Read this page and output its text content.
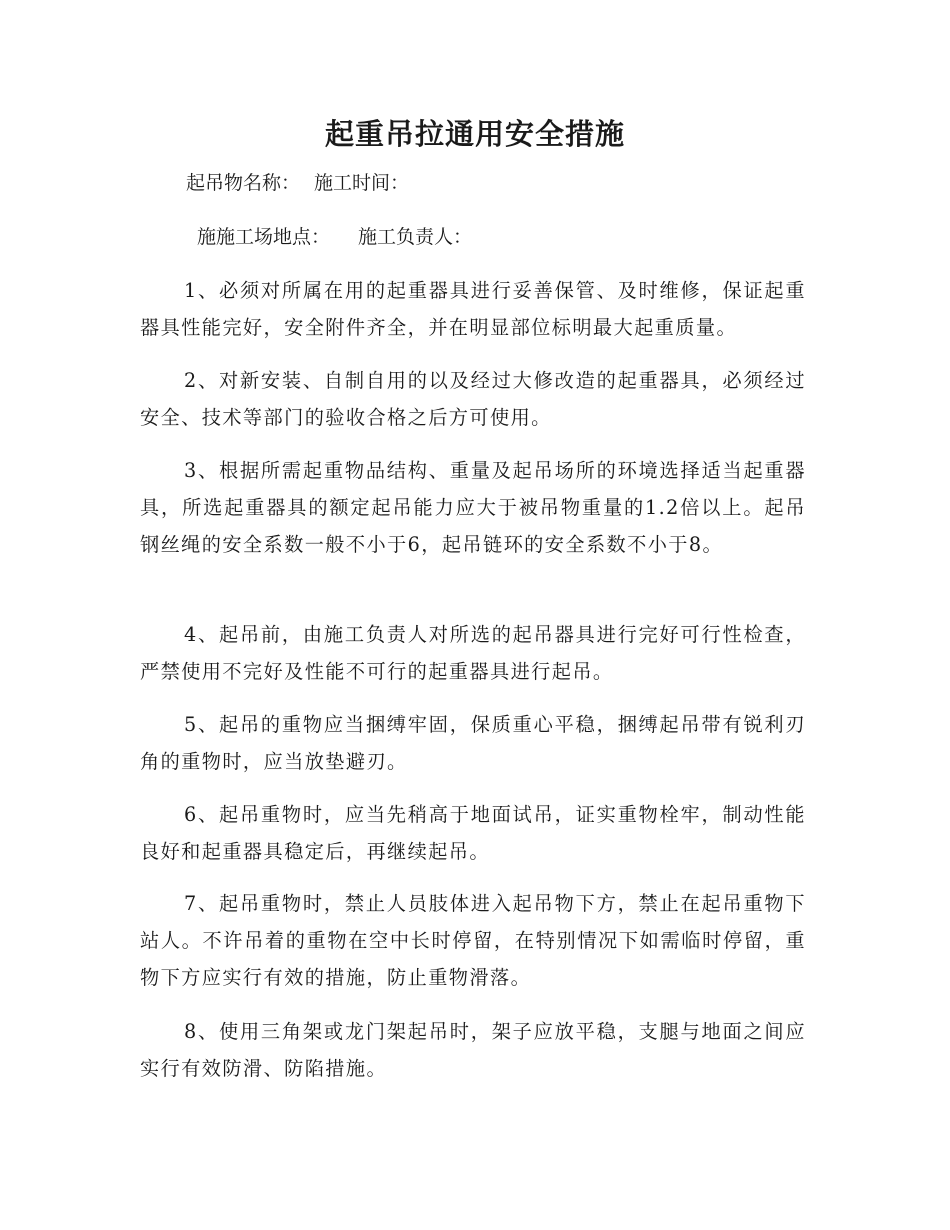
起重吊拉通用安全措施
起吊物名称： 施工时间：
施施工场地点： 施工负责人：

1、必须对所属在用的起重器具进行妥善保管、及时维修，保证起重器具性能完好，安全附件齐全，并在明显部位标明最大起重质量。

2、对新安装、自制自用的以及经过大修改造的起重器具，必须经过安全、技术等部门的验收合格之后方可使用。

3、根据所需起重物品结构、重量及起吊场所的环境选择适当起重器具，所选起重器具的额定起吊能力应大于被吊物重量的1.2倍以上。起吊钢丝绳的安全系数一般不小于6，起吊链环的安全系数不小于8。

4、起吊前，由施工负责人对所选的起吊器具进行完好可行性检查，严禁使用不完好及性能不可行的起重器具进行起吊。

5、起吊的重物应当捆缚牢固，保质重心平稳，捆缚起吊带有锐利刃角的重物时，应当放垫避刃。

6、起吊重物时，应当先稍高于地面试吊，证实重物栓牢，制动性能良好和起重器具稳定后，再继续起吊。

7、起吊重物时，禁止人员肢体进入起吊物下方，禁止在起吊重物下站人。不许吊着的重物在空中长时停留，在特别情况下如需临时停留，重物下方应实行有效的措施，防止重物滑落。

8、使用三角架或龙门架起吊时，架子应放平稳，支腿与地面之间应实行有效防滑、防陷措施。
